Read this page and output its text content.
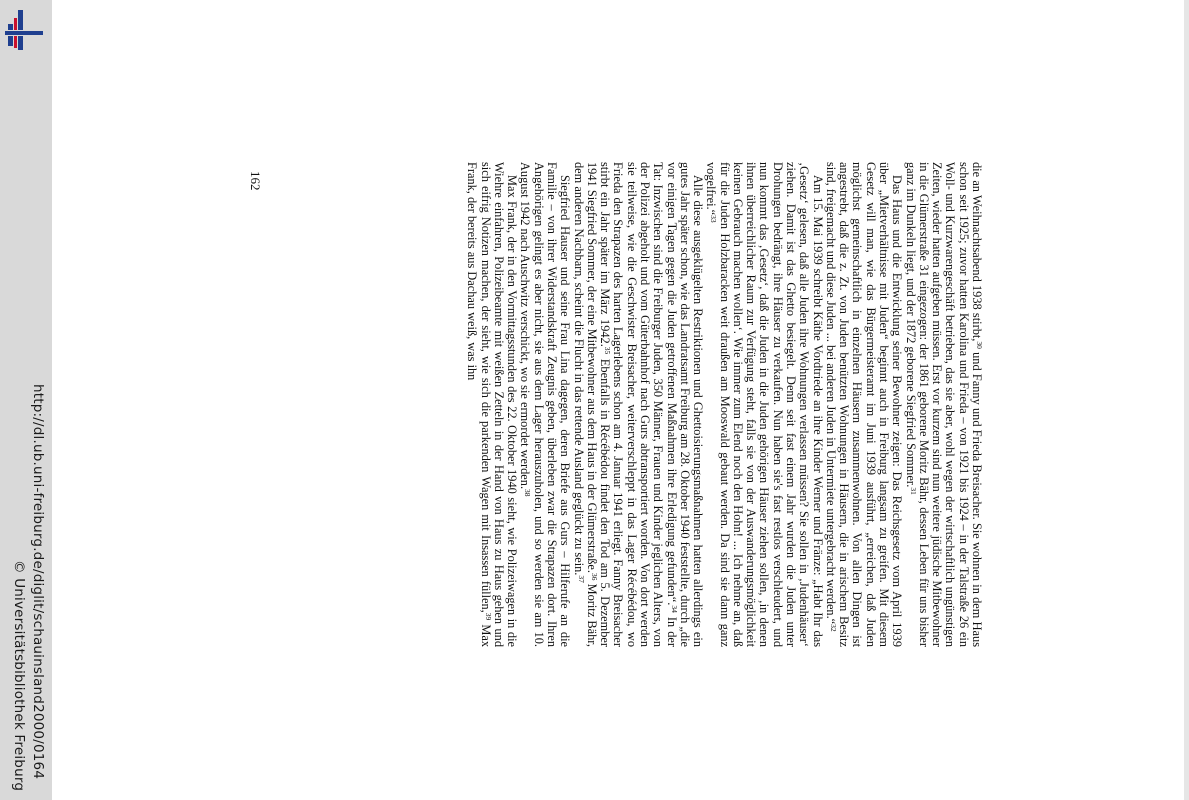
http://dl.ub.uni-freiburg.de/diglit/schauinsland2000/0164
© Universitätsbibliothek Freiburg

die an Weihnachtsabend 1938 stirbt,$^{30}$ und Fanny und Frieda Breisacher. Sie wohnen in dem Haus schon seit 1925; zuvor hatten Karolina und Frieda – von 1921 bis 1924 – in der Talstraße 26 ein Woll- und Kurzwarengeschäft betrieben, das sie aber, wohl wegen der wirtschaftlich ungünstigen Zeiten, wieder hatten aufgeben müssen. Erst vor kurzem sind nun weitere jüdische Mitbewohner in die Glümerstraße 31 eingezogen: der 1861 geborene Moritz Bähr, dessen Leben für uns bisher ganz im Dunkeln liegt, und der 1872 geborene Siegfried Sommer.$^{31}$

Das Haus und die Entwicklung seiner Bewohner zeigen: Das Reichsgesetz vom April 1939 über „Mietverhältnisse mit Juden“ beginnt auch in Freiburg langsam zu greifen. Mit diesem Gesetz will man, wie das Bürgermeisteramt im Juni 1939 ausführt, „erreichen, daß Juden möglichst gemeinschaftlich in einzelnen Häusern zusammenwohnen. Von allen Dingen ist angestrebt, daß die z. Zt. von Juden benützten Wohnungen in Häusern, die in arischem Besitz sind, freigemacht und diese Juden ... bei anderen Juden in Untermiete untergebracht werden.“$^{32}$

Am 15. Mai 1939 schreibt Käthe Vordtriede an ihre Kinder Werner und Fränze: „Habt Ihr das ‚Gesetz‘ gelesen, daß alle Juden ihre Wohnungen verlassen müssen? Sie sollen in ‚Judenhäuser‘ ziehen. Damit ist das Ghetto besiegelt. Denn seit fast einem Jahr wurden die Juden unter Drohungen bedrängt, ihre Häuser zu verkaufen. Nun haben sie's fast restlos verschleudert, und nun kommt das ‚Gesetz‘, daß die Juden in die Juden gehörigen Häuser ziehen sollen, ‚in denen ihnen überreichlicher Raum zur Verfügung steht, falls sie von der Auswanderungsmöglichkeit keinen Gebrauch machen wollen‘. Wie immer zum Elend noch den Hohn! ... Ich nehme an, daß für die Juden Holzbaracken weit draußen am Mooswald gebaut werden. Da sind sie dann ganz vogelfrei.“$^{33}$

Alle diese ausgeklügelten Restriktionen und Ghettoisierungsmaßnahmen hatten allerdings ein gutes Jahr später schon, wie das Landratsamt Freiburg am 28. Oktober 1940 feststellte, durch „die vor einigen Tagen gegen die Juden getroffenen Maßnahmen ihre Erledigung gefunden“.$^{34}$ In der Tat: Inzwischen sind die Freiburger Juden, 350 Männer, Frauen und Kinder jeglichen Alters, von der Polizei abgeholt und vom Güterbahnhof nach Gurs abtransportiert worden. Von dort werden sie teilweise, wie die Geschwister Breisacher, weiterverschleppt in das Lager Récébédou, wo Frieda den Strapazen des harten Lagerlebens schon am 4. Januar 1941 erliegt. Fanny Breisacher stirbt ein Jahr später im März 1942.35 Ebenfalls in Récébédou findet den Tod am 5. Dezember 1941 Siegfried Sommer, der eine Mitbewohner aus dem Haus in der Glümerstraße.$^{36}$ Moritz Bähr, dem anderen Nachbarn, scheint die Flucht in das rettende Ausland geglückt zu sein.$^{37}$

Siegfried Hauser und seine Frau Lina dagegen, deren Briefe aus Gurs – Hilferufe an die Familie – von ihrer Widerstandskraft Zeugnis geben, überleben zwar die Strapazen dort. Ihren Angehörigen gelingt es aber nicht, sie aus dem Lager herauszuholen, und so werden sie am 10. August 1942 nach Auschwitz verschickt, wo sie ermordet werden.$^{38}$

Max Frank, der in den Vormittagsstunden des 22. Oktober 1940 sieht, wie Polizeiwagen in die Wiehre einfahren, Polizeibeamte mit weißen Zetteln in der Hand von Haus zu Haus gehen und sich eifrig Notizen machen, der sieht, wie sich die parkenden Wagen mit Insassen füllen,$^{39}$ Max Frank, der bereits aus Dachau weiß, was ihn

162
